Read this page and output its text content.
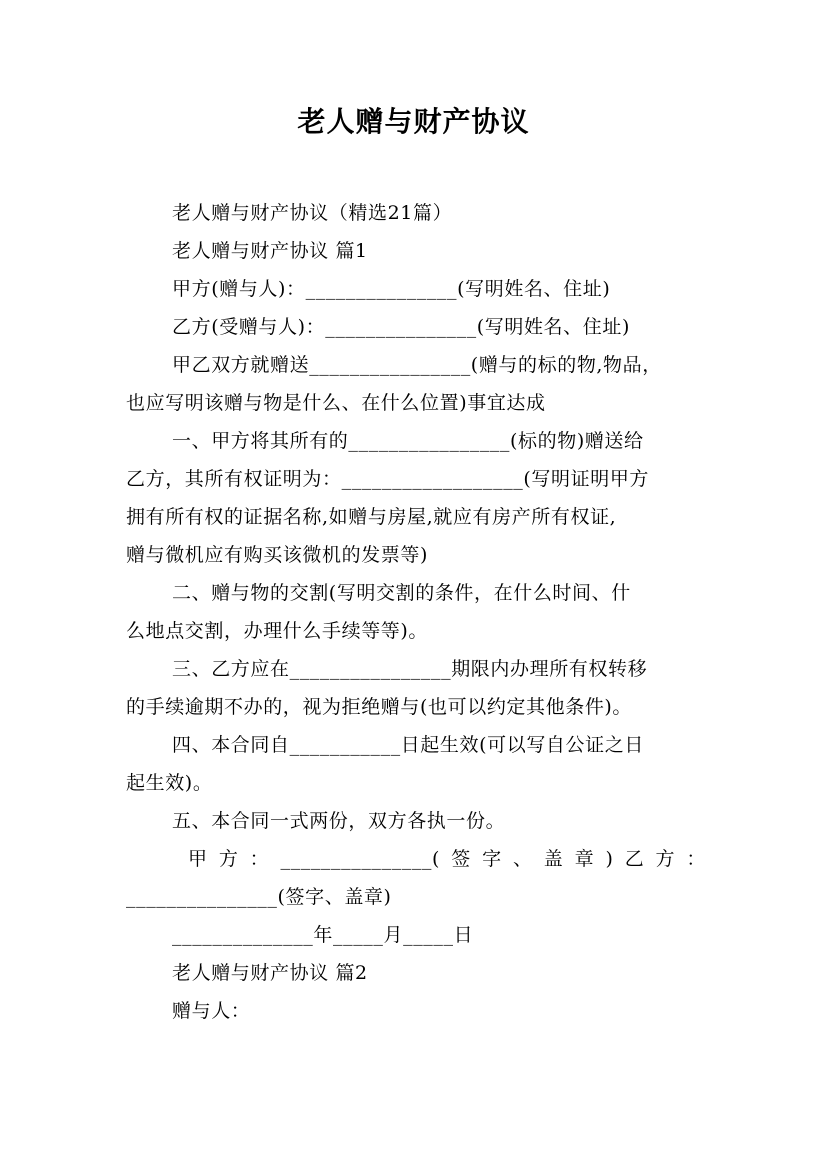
老人赠与财产协议
老人赠与财产协议（精选21篇）
老人赠与财产协议 篇1
甲方(赠与人)：_______________(写明姓名、住址)
乙方(受赠与人)：_______________(写明姓名、住址)
甲乙双方就赠送________________(赠与的标的物,物品，
也应写明该赠与物是什么、在什么位置)事宜达成
一、甲方将其所有的________________(标的物)赠送给
乙方，其所有权证明为：__________________(写明证明甲方
拥有所有权的证据名称,如赠与房屋,就应有房产所有权证,
赠与微机应有购买该微机的发票等)
二、赠与物的交割(写明交割的条件，在什么时间、什
么地点交割，办理什么手续等等)。
三、乙方应在________________期限内办理所有权转移
的手续逾期不办的，视为拒绝赠与(也可以约定其他条件)。
四、本合同自___________日起生效(可以写自公证之日
起生效)。
五、本合同一式两份，双方各执一份。
甲方：_______________(签字、盖章)乙方：
_______________(签字、盖章)
______________年_____月_____日
老人赠与财产协议 篇2
赠与人：
